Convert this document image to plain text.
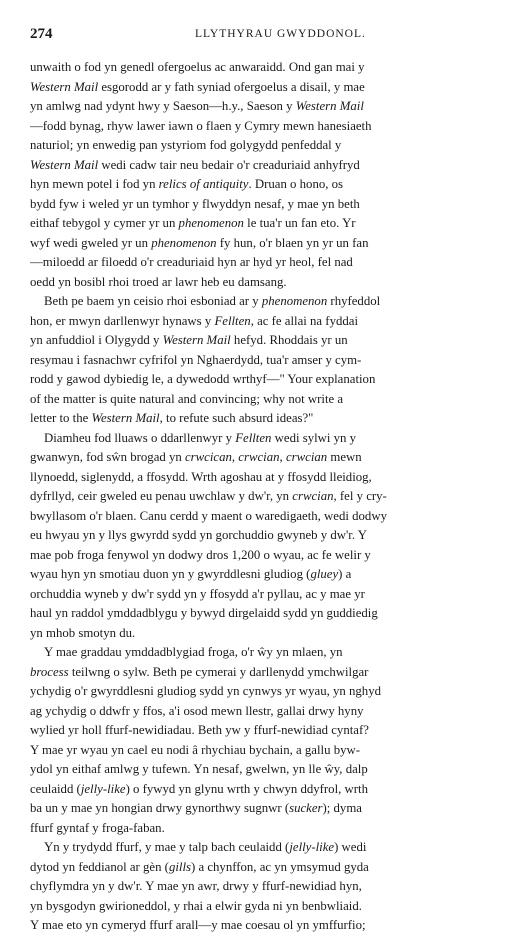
274	LLYTHYRAU GWYDDONOL.

unwaith o fod yn genedl ofergoelus ac anwaraidd. Ond gan mai y
Western Mail esgorodd ar y fath syniad ofergoelus a disail, y mae
yn amlwg nad ydynt hwy y Saeson—h.y., Saeson y Western Mail
—fodd bynag, rhyw lawer iawn o flaen y Cymry mewn hanesiaeth
naturiol; yn enwedig pan ystyriom fod golygydd penfeddal y
Western Mail wedi cadw tair neu bedair o'r creaduriaid anhyfryd
hyn mewn potel i fod yn relics of antiquity. Druan o hono, os
bydd fyw i weled yr un tymhor y flwyddyn nesaf, y mae yn beth
eithaf tebygol y cymer yr un phenomenon le tua'r un fan eto. Yr
wyf wedi gweled yr un phenomenon fy hun, o'r blaen yn yr un fan
—miloedd ar filoedd o'r creaduriaid hyn ar hyd yr heol, fel nad
oedd yn bosibl rhoi troed ar lawr heb eu damsang.

Beth pe baem yn ceisio rhoi esboniad ar y phenomenon rhyfeddol
hon, er mwyn darllenwyr hynaws y Fellten, ac fe allai na fyddai
yn anfuddiol i Olygydd y Western Mail hefyd. Rhoddais yr un
resymau i fasnachwr cyfrifol yn Nghaerdydd, tua'r amser y cym-
rodd y gawod dybiedig le, a dywedodd wrthyf—" Your explanation
of the matter is quite natural and convincing; why not write a
letter to the Western Mail, to refute such absurd ideas?"

Diamheu fod lluaws o ddarllenwyr y Fellten wedi sylwi yn y
gwanwyn, fod sŵn brogad yn crwcican, crwcian, crwcian mewn
llynoedd, siglenydd, a ffosydd. Wrth agoshau at y ffosydd lleidiog,
dyfrllyd, ceir gweled eu penau uwchlaw y dw'r, yn crwcian, fel y cry-
bwyllasom o'r blaen. Canu cerdd y maent o waredigaeth, wedi dodwy
eu hwyau yn y llys gwyrdd sydd yn gorchuddio gwyneb y dw'r. Y
mae pob froga fenywol yn dodwy dros 1,200 o wyau, ac fe welir y
wyau hyn yn smotiau duon yn y gwyrddlesni gludiog (gluey) a
orchuddia wyneb y dw'r sydd yn y ffosydd a'r pyllau, ac y mae yr
haul yn raddol ymddadblygu y bywyd dirgelaidd sydd yn guddiedig
yn mhob smotyn du.

Y mae graddau ymddadblygiad froga, o'r ŵy yn mlaen, yn
brocess teilwng o sylw. Beth pe cymerai y darllenydd ymchwilgar
ychydig o'r gwyrddlesni gludiog sydd yn cynwys yr wyau, yn nghyd
ag ychydig o ddwfr y ffos, a'i osod mewn llestr, gallai drwy hyny
wylied yr holl ffurf-newidiadau. Beth yw y ffurf-newidiad cyntaf?
Y mae yr wyau yn cael eu nodi â rhychiau bychain, a gallu byw-
ydol yn eithaf amlwg y tufewn. Yn nesaf, gwelwn, yn lle ŵy, dalp
ceulaidd (jelly-like) o fywyd yn glynu wrth y chwyn ddyfrol, wrth
ba un y mae yn hongian drwy gynorthwy sugnwr (sucker); dyma
ffurf gyntaf y froga-faban.

Yn y trydydd ffurf, y mae y talp bach ceulaidd (jelly-like) wedi
dytod yn feddianol ar gèn (gills) a chynffon, ac yn ymsymud gyda
chyflymdra yn y dw'r. Y mae yn awr, drwy y ffurf-newidiad hyn,
yn bysgodyn gwirioneddol, y rhai a elwir gyda ni yn benbwliaid.
Y mae eto yn cymeryd ffurf arall—y mae coesau ol yn ymffurfio;
